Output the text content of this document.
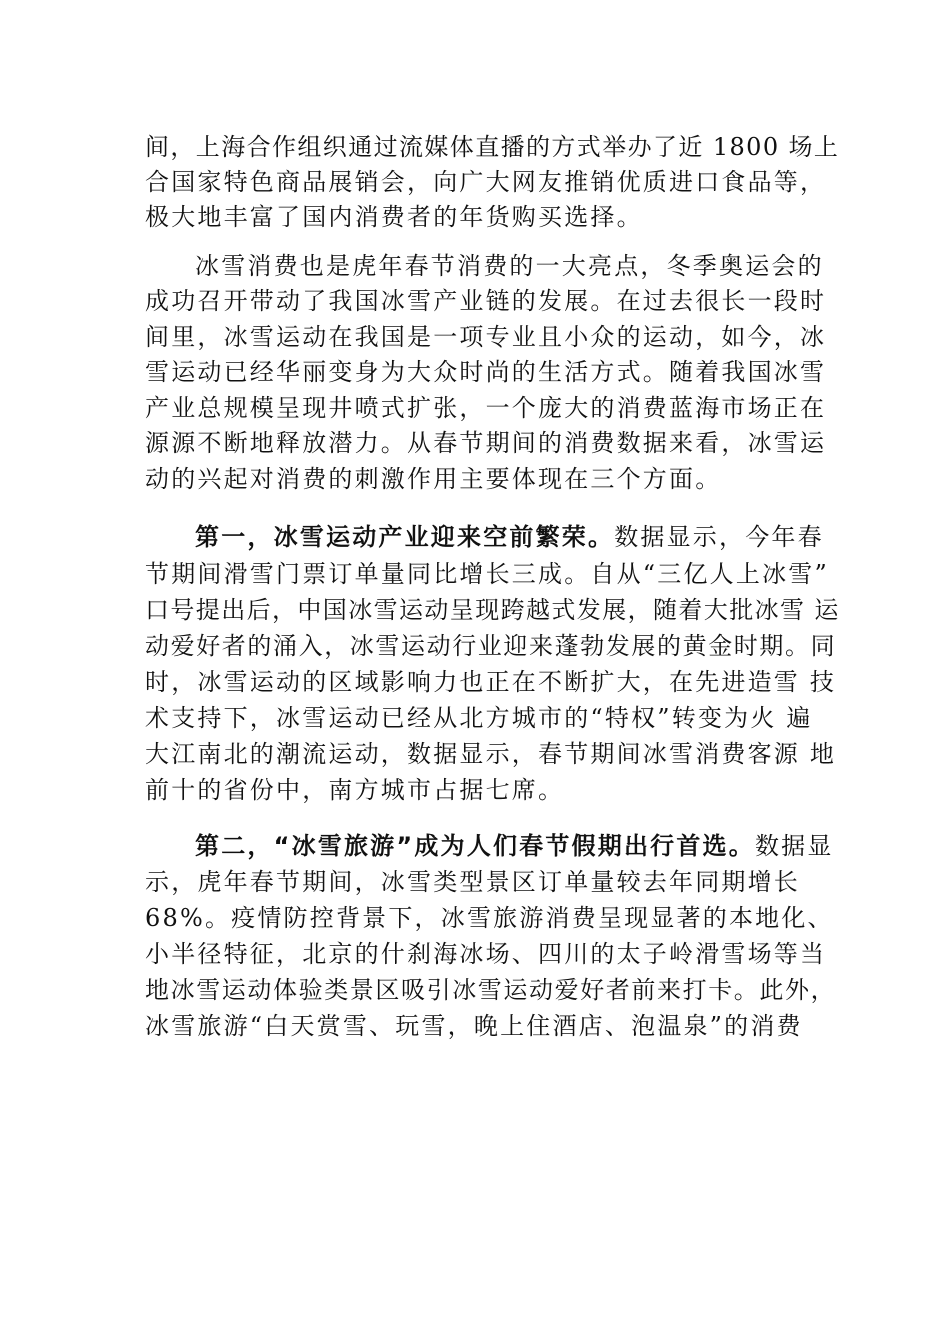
间，上海合作组织通过流媒体直播的方式举办了近 1800 场上
合国家特色商品展销会，向广大网友推销优质进口食品等，
极大地丰富了国内消费者的年货购买选择。
冰雪消费也是虎年春节消费的一大亮点，冬季奥运会的
成功召开带动了我国冰雪产业链的发展。在过去很长一段时
间里，冰雪运动在我国是一项专业且小众的运动，如今，冰
雪运动已经华丽变身为大众时尚的生活方式。随着我国冰雪
产业总规模呈现井喷式扩张，一个庞大的消费蓝海市场正在
源源不断地释放潜力。从春节期间的消费数据来看，冰雪运
动的兴起对消费的刺激作用主要体现在三个方面。
第一，冰雪运动产业迎来空前繁荣。数据显示，今年春
节期间滑雪门票订单量同比增长三成。自从“三亿人上冰雪”
口号提出后，中国冰雪运动呈现跨越式发展，随着大批冰雪 运
动爱好者的涌入，冰雪运动行业迎来蓬勃发展的黄金时期。同
时，冰雪运动的区域影响力也正在不断扩大，在先进造雪 技
术支持下，冰雪运动已经从北方城市的“特权”转变为火 遍
大江南北的潮流运动，数据显示，春节期间冰雪消费客源 地
前十的省份中，南方城市占据七席。
第二，“冰雪旅游”成为人们春节假期出行首选。数据显
示，虎年春节期间，冰雪类型景区订单量较去年同期增长
68%。疫情防控背景下，冰雪旅游消费呈现显著的本地化、
小半径特征，北京的什刹海冰场、四川的太子岭滑雪场等当
地冰雪运动体验类景区吸引冰雪运动爱好者前来打卡。此外，
冰雪旅游“白天赏雪、玩雪，晚上住酒店、泡温泉”的消费
